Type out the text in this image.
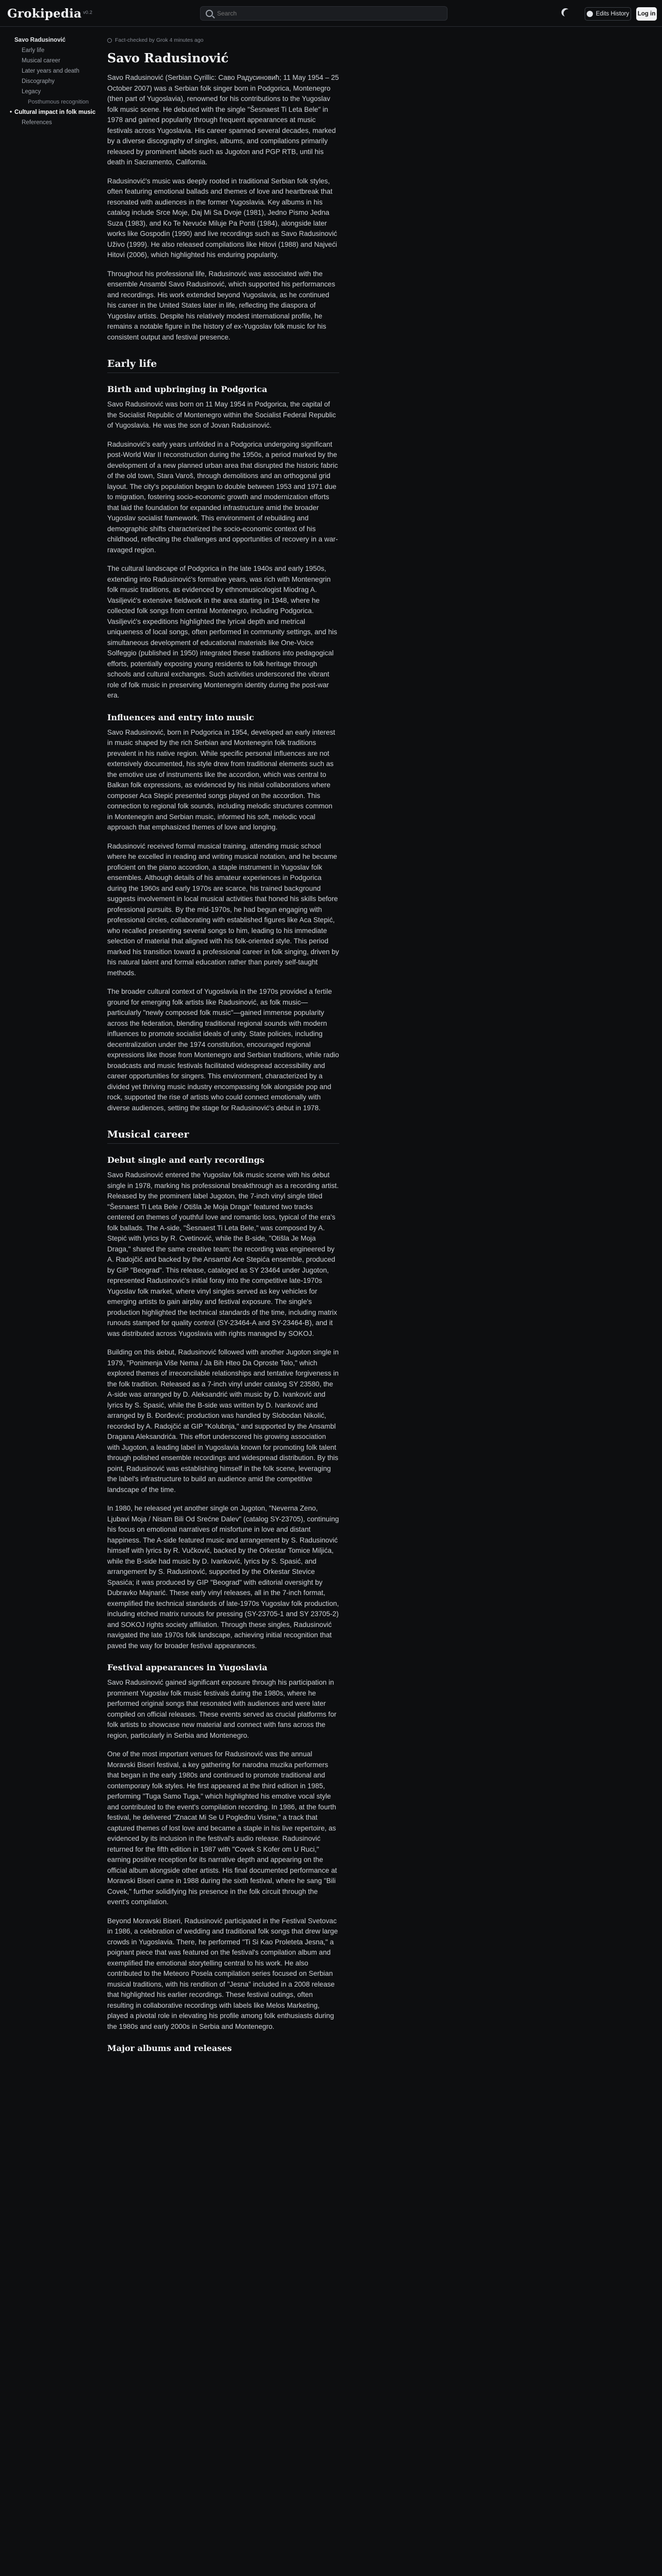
Grokipedia $^{v0.2}$
Search	Edits History Log in
Savo Radusinović
Early life
Musical career
Later years and death
Discography
Legacy
Posthumous recognition
• Cultural impact in folk music
References
Fact-checked by Grok 4 minutes ago
Savo Radusinović

Savo Radusinović (Serbian Cyrillic: Саво Радусиновић; 11 May 1954 – 25 October 2007) was a Serbian folk singer born in Podgorica, Montenegro (then part of Yugoslavia), renowned for his contributions to the Yugoslav folk music scene. He debuted with the single "Šesnaest Ti Leta Bele" in 1978 and gained popularity through frequent appearances at music festivals across Yugoslavia. His career spanned several decades, marked by a diverse discography of singles, albums, and compilations primarily released by prominent labels such as Jugoton and PGP RTB, until his death in Sacramento, California.

Radusinović's music was deeply rooted in traditional Serbian folk styles, often featuring emotional ballads and themes of love and heartbreak that resonated with audiences in the former Yugoslavia. Key albums in his catalog include Srce Moje, Daj Mi Sa Dvoje (1981), Jedno Pismo Jedna Suza (1983), and Ko Te Nevuće Milujе Pa Ponti (1984), alongside later works like Gospodin (1990) and live recordings such as Savo Radusinović Uživo (1999). He also released compilations like Hitovi (1988) and Najveći Hitovi (2006), which highlighted his enduring popularity.

Throughout his professional life, Radusinović was associated with the ensemble Ansambl Savo Radusinović, which supported his performances and recordings. His work extended beyond Yugoslavia, as he continued his career in the United States later in life, reflecting the diaspora of Yugoslav artists. Despite his relatively modest international profile, he remains a notable figure in the history of ex-Yugoslav folk music for his consistent output and festival presence.

Early life
Birth and upbringing in Podgorica

Savo Radusinović was born on 11 May 1954 in Podgorica, the capital of the Socialist Republic of Montenegro within the Socialist Federal Republic of Yugoslavia. He was the son of Jovan Radusinović.

Radusinović's early years unfolded in a Podgorica undergoing significant post-World War II reconstruction during the 1950s, a period marked by the development of a new planned urban area that disrupted the historic fabric of the old town, Stara Varoš, through demolitions and an orthogonal grid layout. The city's population began to double between 1953 and 1971 due to migration, fostering socio-economic growth and modernization efforts that laid the foundation for expanded infrastructure amid the broader Yugoslav socialist framework. This environment of rebuilding and demographic shifts characterized the socio-economic context of his childhood, reflecting the challenges and opportunities of recovery in a war-ravaged region.

The cultural landscape of Podgorica in the late 1940s and early 1950s, extending into Radusinović's formative years, was rich with Montenegrin folk music traditions, as evidenced by ethnomusicologist Miodrag A. Vasiljević's extensive fieldwork in the area starting in 1948, where he collected folk songs from central Montenegro, including Podgorica. Vasiljević's expeditions highlighted the lyrical depth and metrical uniqueness of local songs, often performed in community settings, and his simultaneous development of educational materials like One-Voice Solfeggio (published in 1950) integrated these traditions into pedagogical efforts, potentially exposing young residents to folk heritage through schools and cultural exchanges. Such activities underscored the vibrant role of folk music in preserving Montenegrin identity during the post-war era.

Influences and entry into music

Savo Radusinović, born in Podgorica in 1954, developed an early interest in music shaped by the rich Serbian and Montenegrin folk traditions prevalent in his native region. While specific personal influences are not extensively documented, his style drew from traditional elements such as the emotive use of instruments like the accordion, which was central to Balkan folk expressions, as evidenced by his initial collaborations where composer Aca Stepić presented songs played on the accordion. This connection to regional folk sounds, including melodic structures common in Montenegrin and Serbian music, informed his soft, melodic vocal approach that emphasized themes of love and longing.

Radusinović received formal musical training, attending music school where he excelled in reading and writing musical notation, and he became proficient on the piano accordion, a staple instrument in Yugoslav folk ensembles. Although details of his amateur experiences in Podgorica during the 1960s and early 1970s are scarce, his trained background suggests involvement in local musical activities that honed his skills before professional pursuits. By the mid-1970s, he had begun engaging with professional circles, collaborating with established figures like Aca Stepić, who recalled presenting several songs to him, leading to his immediate selection of material that aligned with his folk-oriented style. This period marked his transition toward a professional career in folk singing, driven by his natural talent and formal education rather than purely self-taught methods.

The broader cultural context of Yugoslavia in the 1970s provided a fertile ground for emerging folk artists like Radusinović, as folk music—particularly "newly composed folk music"—gained immense popularity across the federation, blending traditional regional sounds with modern influences to promote socialist ideals of unity. State policies, including decentralization under the 1974 constitution, encouraged regional expressions like those from Montenegro and Serbian traditions, while radio broadcasts and music festivals facilitated widespread accessibility and career opportunities for singers. This environment, characterized by a divided yet thriving music industry encompassing folk alongside pop and rock, supported the rise of artists who could connect emotionally with diverse audiences, setting the stage for Radusinović's debut in 1978.

Musical career
Debut single and early recordings

Savo Radusinović entered the Yugoslav folk music scene with his debut single in 1978, marking his professional breakthrough as a recording artist. Released by the prominent label Jugoton, the 7-inch vinyl single titled "Šesnaest Ti Leta Bele / Otišla Je Moja Draga" featured two tracks centered on themes of youthful love and romantic loss, typical of the era's folk ballads. The A-side, "Šesnaest Ti Leta Bele," was composed by A. Stepić with lyrics by R. Cvetinović, while the B-side, "Otišla Je Moja Draga," shared the same creative team; the recording was engineered by A. Radojčić and backed by the Ansambl Ace Stepića ensemble, produced by GIP "Beograd". This release, cataloged as SY 23464 under Jugoton, represented Radusinović's initial foray into the competitive late-1970s Yugoslav folk market, where vinyl singles served as key vehicles for emerging artists to gain airplay and festival exposure. The single's production highlighted the technical standards of the time, including matrix runouts stamped for quality control (SY-23464-A and SY-23464-B), and it was distributed across Yugoslavia with rights managed by SOKOJ.

Building on this debut, Radusinović followed with another Jugoton single in 1979, "Ponimenja Više Nema / Ja Bih Htеo Da Oproste Telo," which explored themes of irreconcilable relationships and tentative forgiveness in the folk tradition. Released as a 7-inch vinyl under catalog SY 23580, the A-side was arranged by D. Aleksandrić with music by D. Ivanković and lyrics by S. Spasić, while the B-side was written by D. Ivanković and arranged by B. Đorđević; production was handled by Slobodan Nikolić, recorded by A. Radojčić at GIP "Kolubnja," and supported by the Ansambl Dragana Aleksandrića. This effort underscored his growing association with Jugoton, a leading label in Yugoslavia known for promoting folk talent through polished ensemble recordings and widespread distribution. By this point, Radusinović was establishing himself in the folk scene, leveraging the label's infrastructure to build an audience amid the competitive landscape of the time.

In 1980, he released yet another single on Jugoton, "Neverna Zeno, Ljubavi Moja / Nisam Bili Od Srećne Dalev" (catalog SY-23705), continuing his focus on emotional narratives of misfortune in love and distant happiness. The A-side featured music and arrangement by S. Radusinović himself with lyrics by R. Vučković, backed by the Orkestar Tomice Miljića, while the B-side had music by D. Ivanković, lyrics by S. Spasić, and arrangement by S. Radusinović, supported by the Orkestar Stevice Spasića; it was produced by GIP "Beograd" with editorial oversight by Dubravko Majnarić. These early vinyl releases, all in the 7-inch format, exemplified the technical standards of late-1970s Yugoslav folk production, including etched matrix runouts for pressing (SY-23705-1 and SY 23705-2) and SOKOJ rights society affiliation. Through these singles, Radusinović navigated the late 1970s folk landscape, achieving initial recognition that paved the way for broader festival appearances.

Festival appearances in Yugoslavia

Savo Radusinović gained significant exposure through his participation in prominent Yugoslav folk music festivals during the 1980s, where he performed original songs that resonated with audiences and were later compiled on official releases. These events served as crucial platforms for folk artists to showcase new material and connect with fans across the region, particularly in Serbia and Montenegro.

One of the most important venues for Radusinović was the annual Moravski Biseri festival, a key gathering for narodna muzika performers that began in the early 1980s and continued to promote traditional and contemporary folk styles. He first appeared at the third edition in 1985, performing "Tuga Samo Tuga," which highlighted his emotive vocal style and contributed to the event's compilation recording. In 1986, at the fourth festival, he delivered "Znacat Mi Se U Pogleđnu Visine," a track that captured themes of lost love and became a staple in his live repertoire, as evidenced by its inclusion in the festival's audio release. Radusinović returned for the fifth edition in 1987 with "Covek S Kofer om U Ruci," earning positive reception for its narrative depth and appearing on the official album alongside other artists. His final documented performance at Moravski Biseri came in 1988 during the sixth festival, where he sang "Bili Covek," further solidifying his presence in the folk circuit through the event's compilation.

Beyond Moravski Biseri, Radusinović participated in the Festival Svetovac in 1986, a celebration of wedding and traditional folk songs that drew large crowds in Yugoslavia. There, he performed "Ti Si Kao Proleteta Jesna," a poignant piece that was featured on the festival's compilation album and exemplified the emotional storytelling central to his work. He also contributed to the Meteoro Posela compilation series focused on Serbian musical traditions, with his rendition of "Jesna" included in a 2008 release that highlighted his earlier recordings. These festival outings, often resulting in collaborative recordings with labels like Melos Marketing, played a pivotal role in elevating his profile among folk enthusiasts during the 1980s and early 2000s in Serbia and Montenegro.

Major albums and releases
